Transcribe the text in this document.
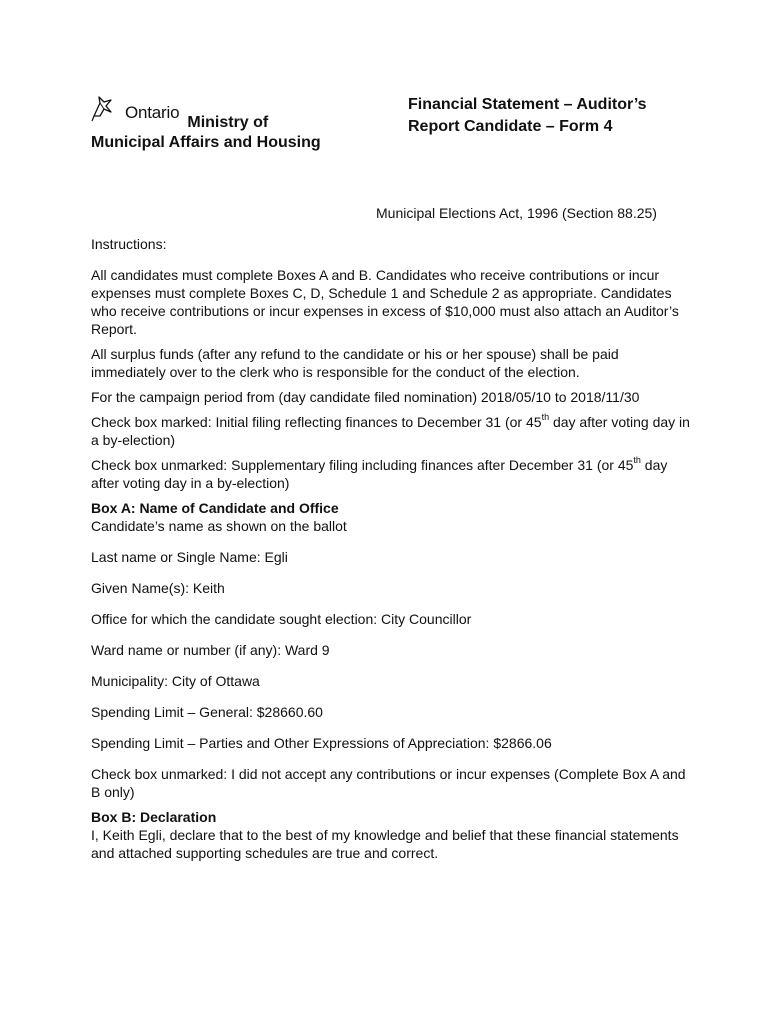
Ontario
Ministry of
Municipal Affairs and Housing
Financial Statement – Auditor’s
Report Candidate – Form 4
Municipal Elections Act, 1996 (Section 88.25)

Instructions:

All candidates must complete Boxes A and B. Candidates who receive contributions or incur expenses must complete Boxes C, D, Schedule 1 and Schedule 2 as appropriate. Candidates who receive contributions or incur expenses in excess of $10,000 must also attach an Auditor’s Report.

All surplus funds (after any refund to the candidate or his or her spouse) shall be paid immediately over to the clerk who is responsible for the conduct of the election.

For the campaign period from (day candidate filed nomination) 2018/05/10 to 2018/11/30

Check box marked: Initial filing reflecting finances to December 31 (or 45th day after voting day in a by-election)

Check box unmarked: Supplementary filing including finances after December 31 (or 45th day after voting day in a by-election)

Box A: Name of Candidate and Office

Candidate’s name as shown on the ballot

Last name or Single Name: Egli

Given Name(s): Keith

Office for which the candidate sought election: City Councillor

Ward name or number (if any): Ward 9

Municipality: City of Ottawa

Spending Limit – General: $28660.60

Spending Limit – Parties and Other Expressions of Appreciation: $2866.06

Check box unmarked: I did not accept any contributions or incur expenses (Complete Box A and B only)

Box B: Declaration

I, Keith Egli, declare that to the best of my knowledge and belief that these financial statements and attached supporting schedules are true and correct.
